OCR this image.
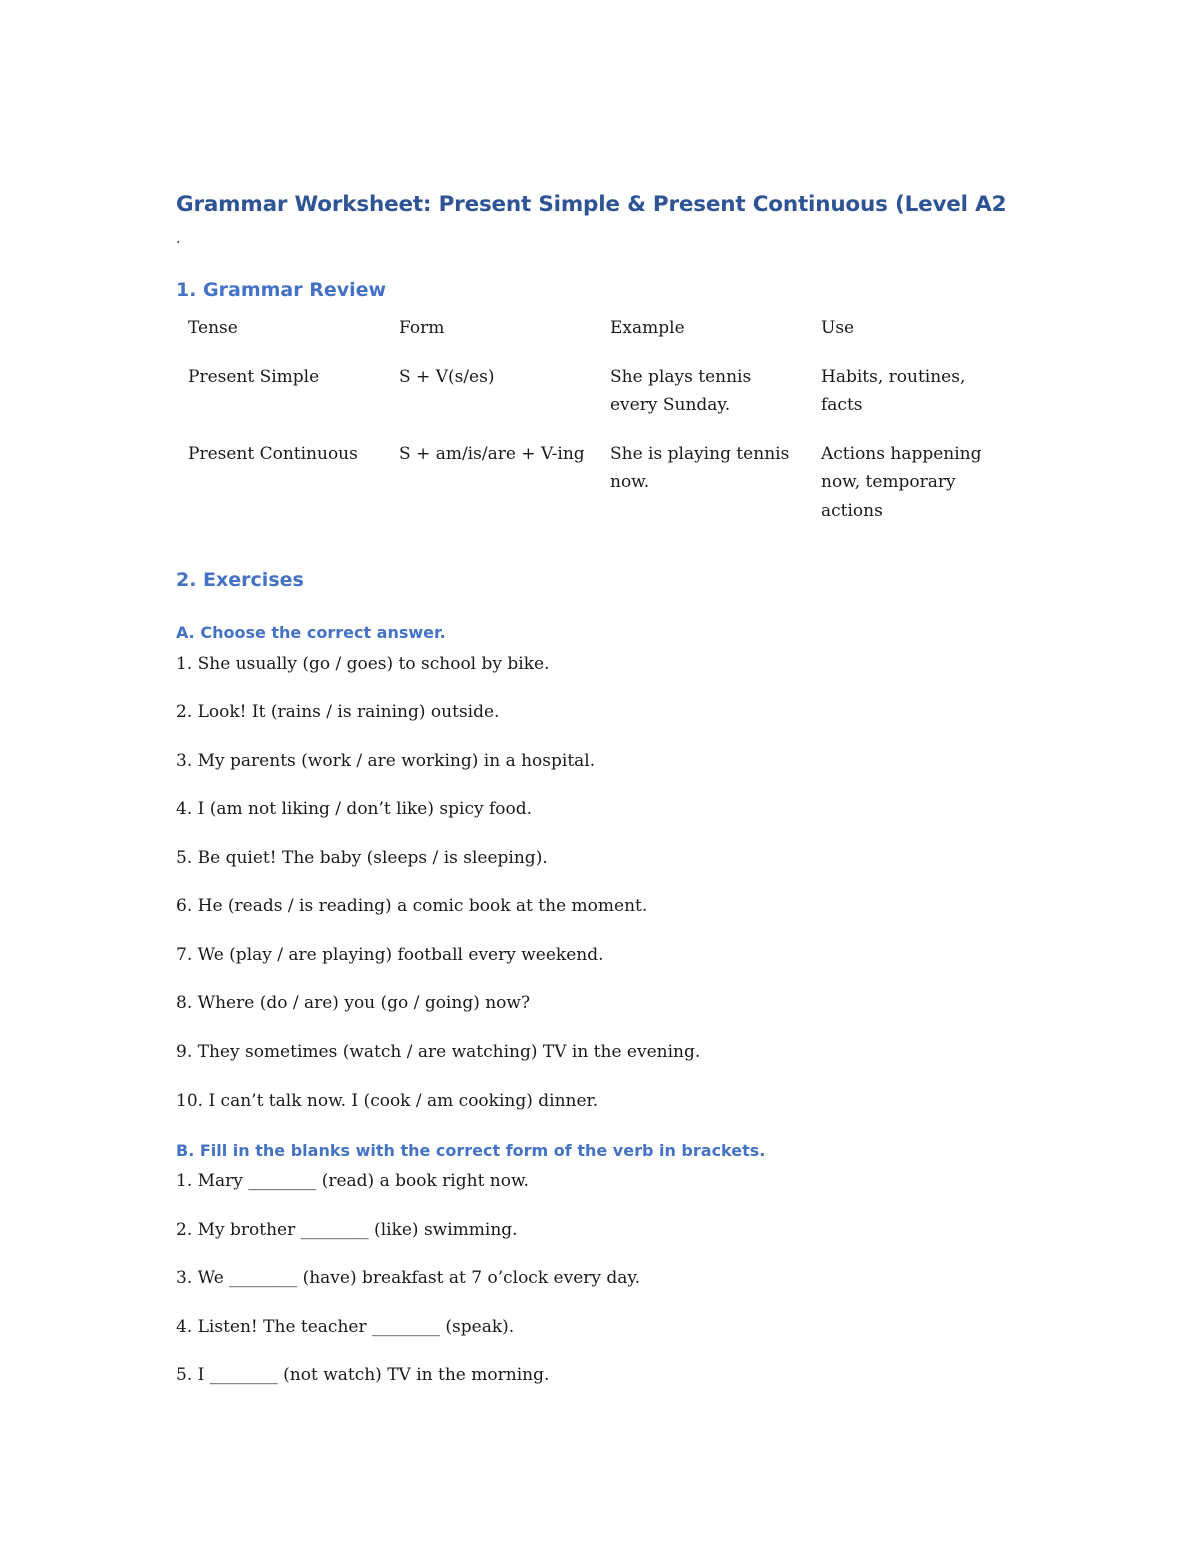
Grammar Worksheet: Present Simple & Present Continuous (Level A2
.
1. Grammar Review
Tense	Form	Example	Use
Present Simple	S + V(s/es)	She plays tennis every Sunday.	Habits, routines, facts
Present Continuous	S + am/is/are + V-ing	She is playing tennis now.	Actions happening now, temporary actions
2. Exercises
A. Choose the correct answer.

1. She usually (go / goes) to school by bike.

2. Look! It (rains / is raining) outside.

3. My parents (work / are working) in a hospital.

4. I (am not liking / don’t like) spicy food.

5. Be quiet! The baby (sleeps / is sleeping).

6. He (reads / is reading) a comic book at the moment.

7. We (play / are playing) football every weekend.

8. Where (do / are) you (go / going) now?

9. They sometimes (watch / are watching) TV in the evening.

10. I can’t talk now. I (cook / am cooking) dinner.

B. Fill in the blanks with the correct form of the verb in brackets.

1. Mary ________ (read) a book right now.

2. My brother ________ (like) swimming.

3. We ________ (have) breakfast at 7 o’clock every day.

4. Listen! The teacher ________ (speak).

5. I ________ (not watch) TV in the morning.
